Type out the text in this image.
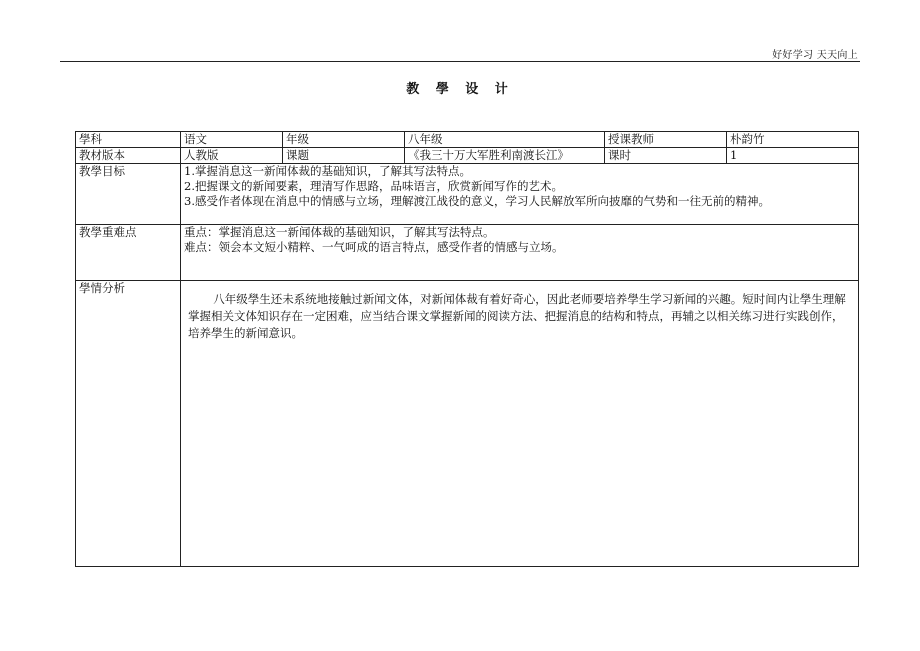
好好学习 天天向上
教 學 设 计
學科	语文	年级	八年级	授课教师	朴韵竹
教材版本	人教版	课题	《我三十万大军胜利南渡长江》	课时	1
教學目标	1.掌握消息这一新闻体裁的基础知识，了解其写法特点。
2.把握课文的新闻要素，理清写作思路，品味语言，欣赏新闻写作的艺术。
3.感受作者体现在消息中的情感与立场，理解渡江战役的意义，学习人民解放军所向披靡的气势和一往无前的精神。				

教學重难点	重点：掌握消息这一新闻体裁的基础知识，了解其写法特点。
难点：领会本文短小精粹、一气呵成的语言特点，感受作者的情感与立场。				

學情分析	八年级學生还未系统地接触过新闻文体，对新闻体裁有着好奇心，因此老师要培养學生学习新闻的兴趣。短时间内让學生理解掌握相关文体知识存在一定困难，应当结合课文掌握新闻的阅读方法、把握消息的结构和特点，再辅之以相关练习进行实践创作，培养學生的新闻意识。				
